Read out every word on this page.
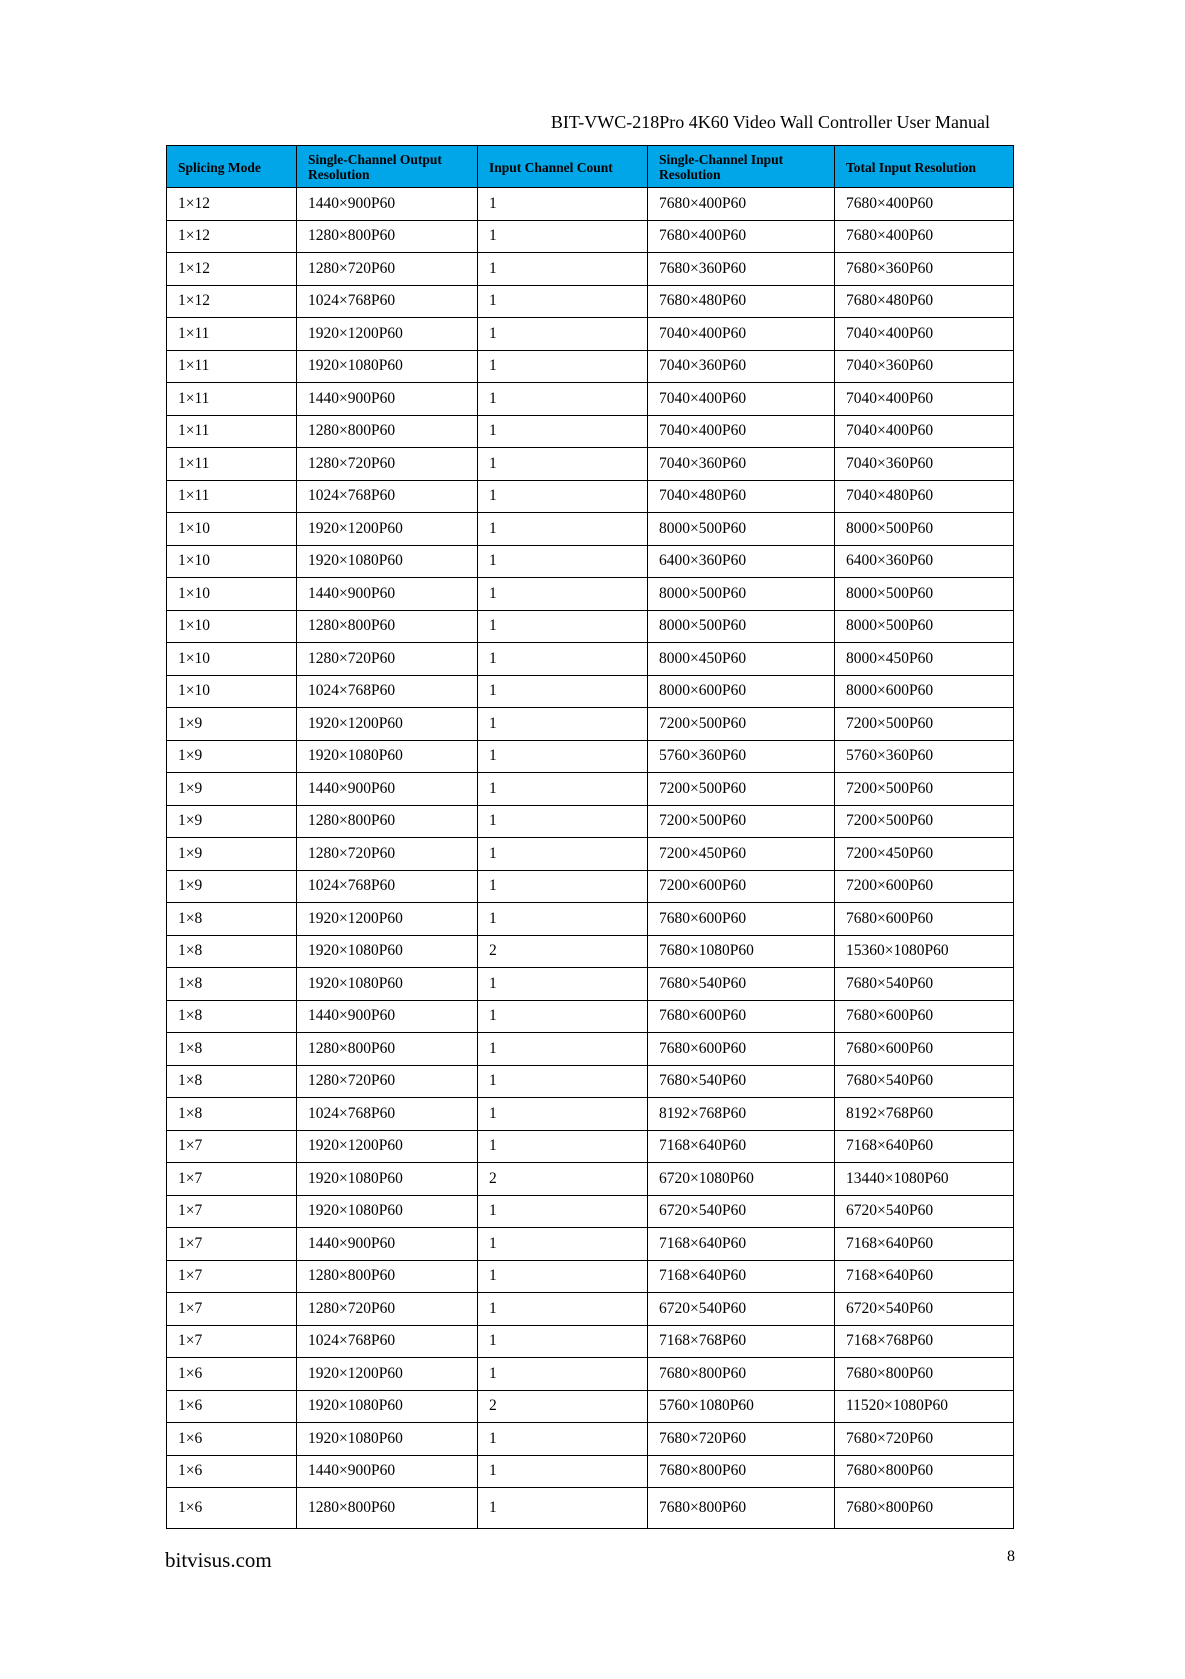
BIT-VWC-218Pro 4K60 Video Wall Controller User Manual
Splicing Mode	Single-Channel Output Resolution	Input Channel Count	Single-Channel Input Resolution	Total Input Resolution
1×12	1440×900P60	1	7680×400P60	7680×400P60
1×12	1280×800P60	1	7680×400P60	7680×400P60
1×12	1280×720P60	1	7680×360P60	7680×360P60
1×12	1024×768P60	1	7680×480P60	7680×480P60
1×11	1920×1200P60	1	7040×400P60	7040×400P60
1×11	1920×1080P60	1	7040×360P60	7040×360P60
1×11	1440×900P60	1	7040×400P60	7040×400P60
1×11	1280×800P60	1	7040×400P60	7040×400P60
1×11	1280×720P60	1	7040×360P60	7040×360P60
1×11	1024×768P60	1	7040×480P60	7040×480P60
1×10	1920×1200P60	1	8000×500P60	8000×500P60
1×10	1920×1080P60	1	6400×360P60	6400×360P60
1×10	1440×900P60	1	8000×500P60	8000×500P60
1×10	1280×800P60	1	8000×500P60	8000×500P60
1×10	1280×720P60	1	8000×450P60	8000×450P60
1×10	1024×768P60	1	8000×600P60	8000×600P60
1×9	1920×1200P60	1	7200×500P60	7200×500P60
1×9	1920×1080P60	1	5760×360P60	5760×360P60
1×9	1440×900P60	1	7200×500P60	7200×500P60
1×9	1280×800P60	1	7200×500P60	7200×500P60
1×9	1280×720P60	1	7200×450P60	7200×450P60
1×9	1024×768P60	1	7200×600P60	7200×600P60
1×8	1920×1200P60	1	7680×600P60	7680×600P60
1×8	1920×1080P60	2	7680×1080P60	15360×1080P60
1×8	1920×1080P60	1	7680×540P60	7680×540P60
1×8	1440×900P60	1	7680×600P60	7680×600P60
1×8	1280×800P60	1	7680×600P60	7680×600P60
1×8	1280×720P60	1	7680×540P60	7680×540P60
1×8	1024×768P60	1	8192×768P60	8192×768P60
1×7	1920×1200P60	1	7168×640P60	7168×640P60
1×7	1920×1080P60	2	6720×1080P60	13440×1080P60
1×7	1920×1080P60	1	6720×540P60	6720×540P60
1×7	1440×900P60	1	7168×640P60	7168×640P60
1×7	1280×800P60	1	7168×640P60	7168×640P60
1×7	1280×720P60	1	6720×540P60	6720×540P60
1×7	1024×768P60	1	7168×768P60	7168×768P60
1×6	1920×1200P60	1	7680×800P60	7680×800P60
1×6	1920×1080P60	2	5760×1080P60	11520×1080P60
1×6	1920×1080P60	1	7680×720P60	7680×720P60
1×6	1440×900P60	1	7680×800P60	7680×800P60
1×6	1280×800P60	1	7680×800P60	7680×800P60
bitvisus.com	8
